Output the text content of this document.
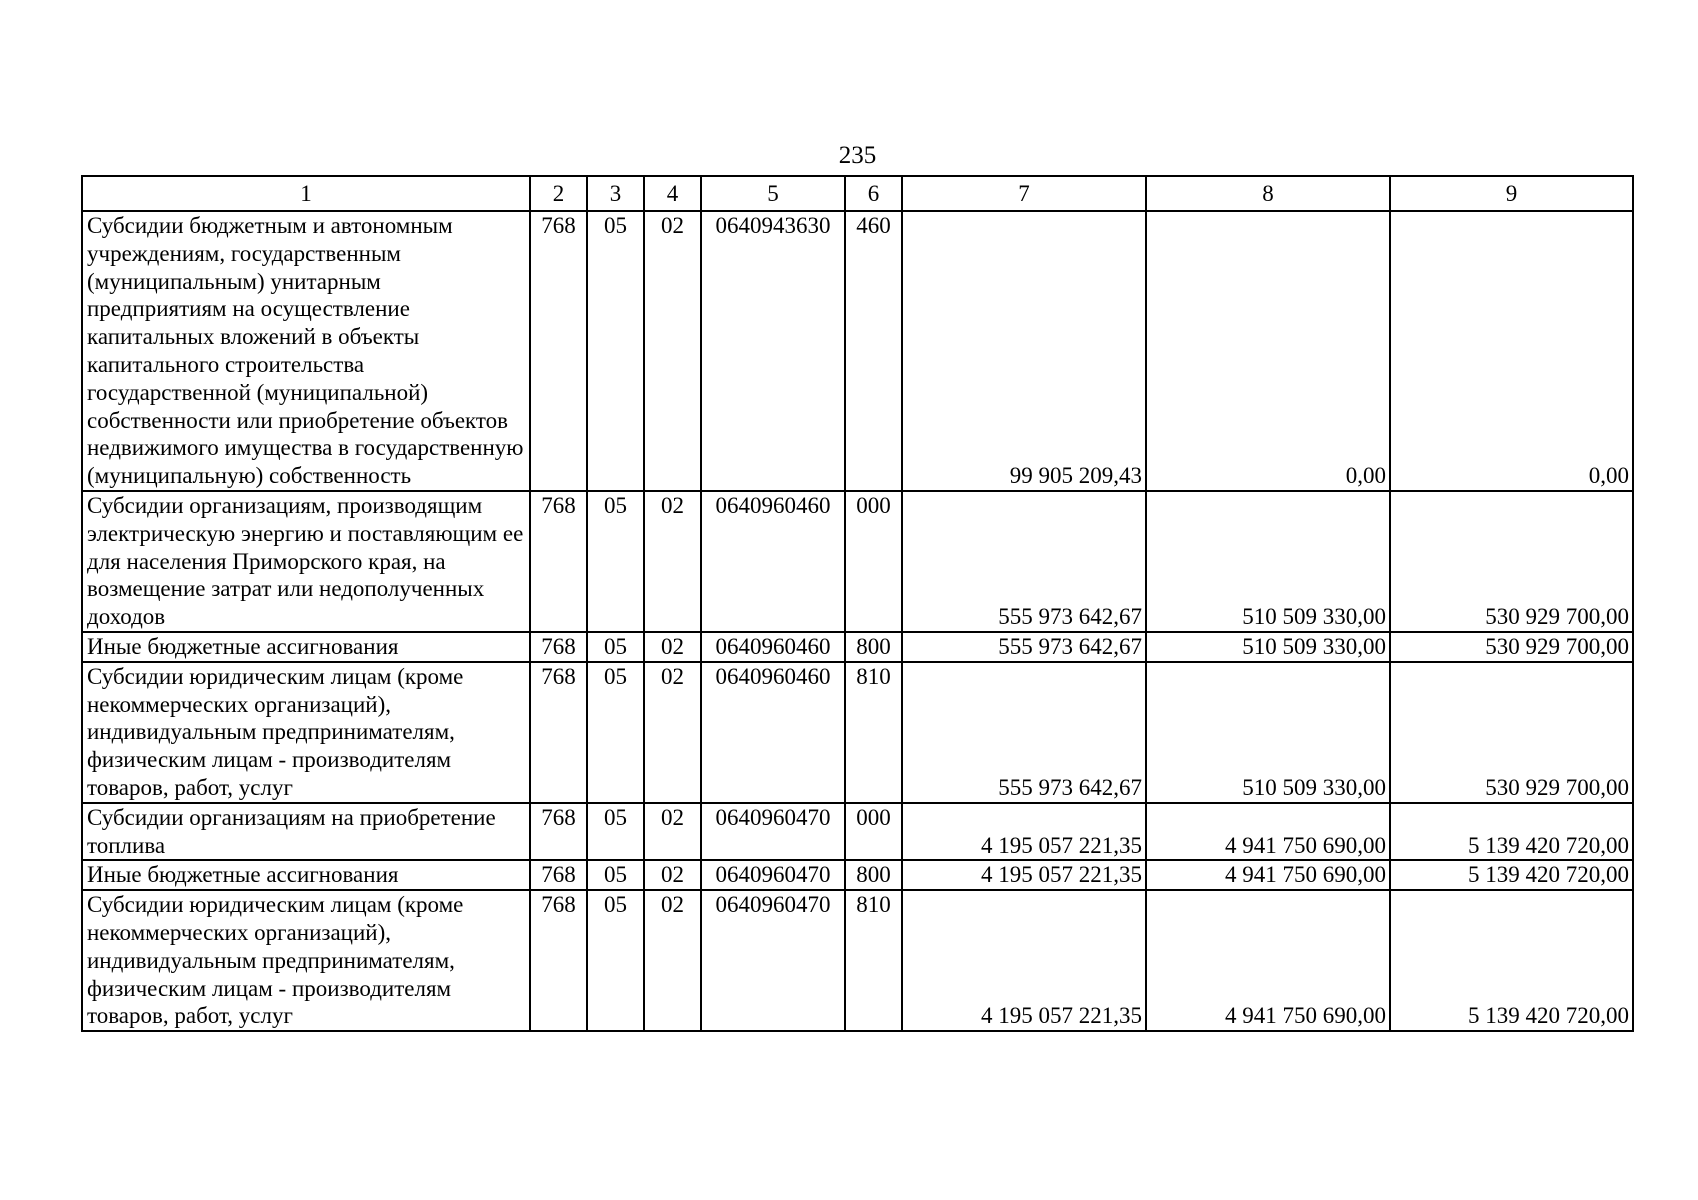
235
1	2	3	4	5	6	7	8	9
Субсидии бюджетным и автономным учреждениям, государственным (муниципальным) унитарным предприятиям на осуществление капитальных вложений в объекты капитального строительства государственной (муниципальной) собственности или приобретение объектов недвижимого имущества в государственную (муниципальную) собственность	768	05	02	0640943630	460	99 905 209,43	0,00	0,00
Субсидии организациям, производящим электрическую энергию и поставляющим ее для населения Приморского края, на возмещение затрат или недополученных доходов	768	05	02	0640960460	000	555 973 642,67	510 509 330,00	530 929 700,00
Иные бюджетные ассигнования	768	05	02	0640960460	800	555 973 642,67	510 509 330,00	530 929 700,00
Субсидии юридическим лицам (кроме некоммерческих организаций), индивидуальным предпринимателям, физическим лицам - производителям товаров, работ, услуг	768	05	02	0640960460	810	555 973 642,67	510 509 330,00	530 929 700,00
Субсидии организациям на приобретение топлива	768	05	02	0640960470	000	4 195 057 221,35	4 941 750 690,00	5 139 420 720,00
Иные бюджетные ассигнования	768	05	02	0640960470	800	4 195 057 221,35	4 941 750 690,00	5 139 420 720,00
Субсидии юридическим лицам (кроме некоммерческих организаций), индивидуальным предпринимателям, физическим лицам - производителям товаров, работ, услуг	768	05	02	0640960470	810	4 195 057 221,35	4 941 750 690,00	5 139 420 720,00
